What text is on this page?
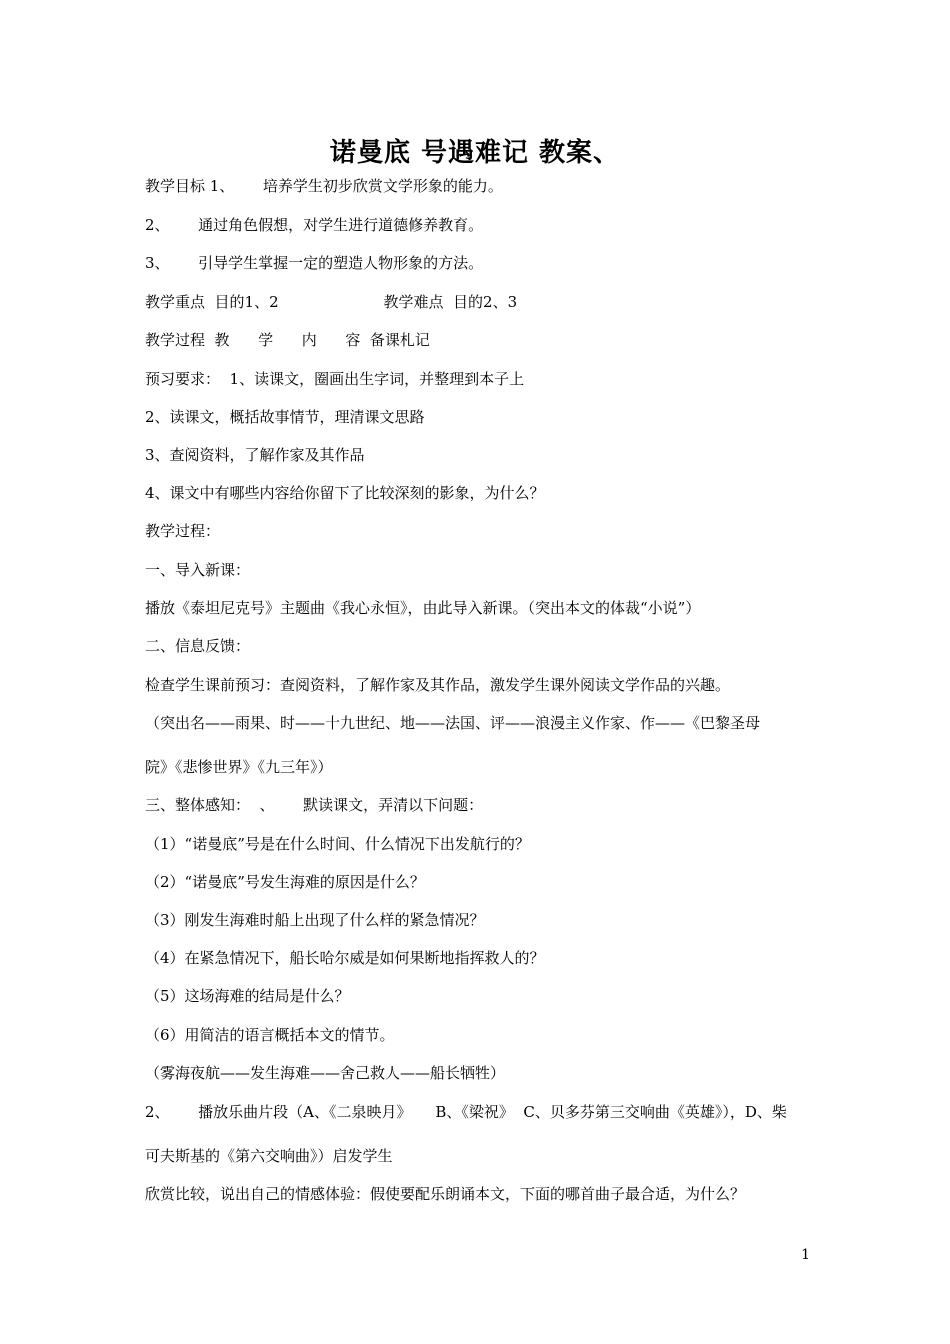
诺曼底 号遇难记 教案、
教学目标 1、      培养学生初步欣赏文学形象的能力。
2、      通过角色假想，对学生进行道德修养教育。
3、      引导学生掌握一定的塑造人物形象的方法。
教学重点  目的1、2                      教学难点  目的2、3
教学过程  教      学      内      容  备课札记
预习要求：  1、读课文，圈画出生字词，并整理到本子上
2、读课文，概括故事情节，理清课文思路
3、查阅资料，了解作家及其作品
4、课文中有哪些内容给你留下了比较深刻的影象，为什么？
教学过程：
一、导入新课：
播放《泰坦尼克号》主题曲《我心永恒》，由此导入新课。（突出本文的体裁“小说”）
二、信息反馈：
检查学生课前预习：查阅资料，了解作家及其作品，激发学生课外阅读文学作品的兴趣。
（突出名——雨果、时——十九世纪、地——法国、评——浪漫主义作家、作——《巴黎圣母
院》《悲惨世界》《九三年》）
三、整体感知：  、      默读课文，弄清以下问题：
（1）“诺曼底”号是在什么时间、什么情况下出发航行的？
（2）“诺曼底”号发生海难的原因是什么？
（3）刚发生海难时船上出现了什么样的紧急情况？
（4）在紧急情况下，船长哈尔威是如何果断地指挥救人的？
（5）这场海难的结局是什么？
（6）用简洁的语言概括本文的情节。
（雾海夜航——发生海难——舍己救人——船长牺牲）
2、      播放乐曲片段（A、《二泉映月》     B、《梁祝》  C、贝多芬第三交响曲《英雄》），D、柴
可夫斯基的《第六交响曲》）启发学生
欣赏比较，说出自己的情感体验：假使要配乐朗诵本文，下面的哪首曲子最合适，为什么？
1
